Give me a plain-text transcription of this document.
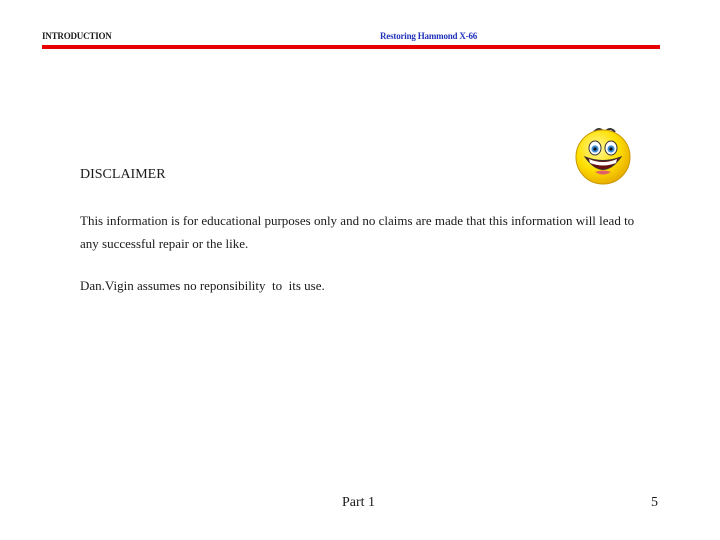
INTRODUCTION	Restoring Hammond X-66
DISCLAIMER
This information is for educational purposes only and no claims are made that this information will lead to any successful repair or the like.
Dan.Vigin assumes no reponsibility  to  its use.
Part 1	5
